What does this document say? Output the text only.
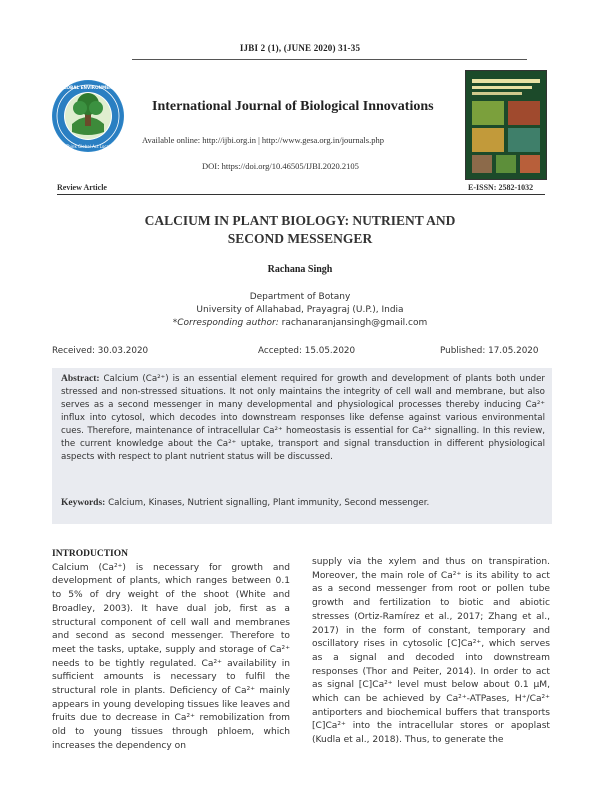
IJBI 2 (1), (JUNE 2020) 31-35
GLOBAL ENVIRONMENT
Think Global Act Local
International Journal of Biological Innovations
Available online: http://ijbi.org.in | http://www.gesa.org.in/journals.php
DOI: https://doi.org/10.46505/IJBI.2020.2105
Review Article	E-ISSN: 2582-1032
CALCIUM IN PLANT BIOLOGY: NUTRIENT AND
SECOND MESSENGER
Rachana Singh
Department of Botany
University of Allahabad, Prayagraj (U.P.), India
*Corresponding author: rachanaranjansingh@gmail.com
Received: 30.03.2020	Accepted: 15.05.2020	Published: 17.05.2020
Abstract: Calcium (Ca²⁺) is an essential element required for growth and development of plants both under stressed and non-stressed situations. It not only maintains the integrity of cell wall and membrane, but also serves as a second messenger in many developmental and physiological processes thereby inducing Ca²⁺ influx into cytosol, which decodes into downstream responses like defense against various environmental cues. Therefore, maintenance of intracellular Ca²⁺ homeostasis is essential for Ca²⁺ signalling. In this review, the current knowledge about the Ca²⁺ uptake, transport and signal transduction in different physiological aspects with respect to plant nutrient status will be discussed.
Keywords: Calcium, Kinases, Nutrient signalling, Plant immunity, Second messenger.
INTRODUCTION
Calcium (Ca²⁺) is necessary for growth and development of plants, which ranges between 0.1 to 5% of dry weight of the shoot (White and Broadley, 2003). It have dual job, first as a structural component of cell wall and membranes and second as second messenger. Therefore to meet the tasks, uptake, supply and storage of Ca²⁺ needs to be tightly regulated. Ca²⁺ availability in sufficient amounts is necessary to fulfil the structural role in plants. Deficiency of Ca²⁺ mainly appears in young developing tissues like leaves and fruits due to decrease in Ca²⁺ remobilization from old to young tissues through phloem, which increases the dependency on
supply via the xylem and thus on transpiration. Moreover, the main role of Ca²⁺ is its ability to act as a second messenger from root or pollen tube growth and fertilization to biotic and abiotic stresses (Ortiz-Ramírez et al., 2017; Zhang et al., 2017) in the form of constant, temporary and oscillatory rises in cytosolic [C]Ca²⁺, which serves as a signal and decoded into downstream responses (Thor and Peiter, 2014). In order to act as signal [C]Ca²⁺ level must below about 0.1 μM, which can be achieved by Ca²⁺-ATPases, H⁺/Ca²⁺ antiporters and biochemical buffers that transports [C]Ca²⁺ into the intracellular stores or apoplast (Kudla et al., 2018). Thus, to generate the
